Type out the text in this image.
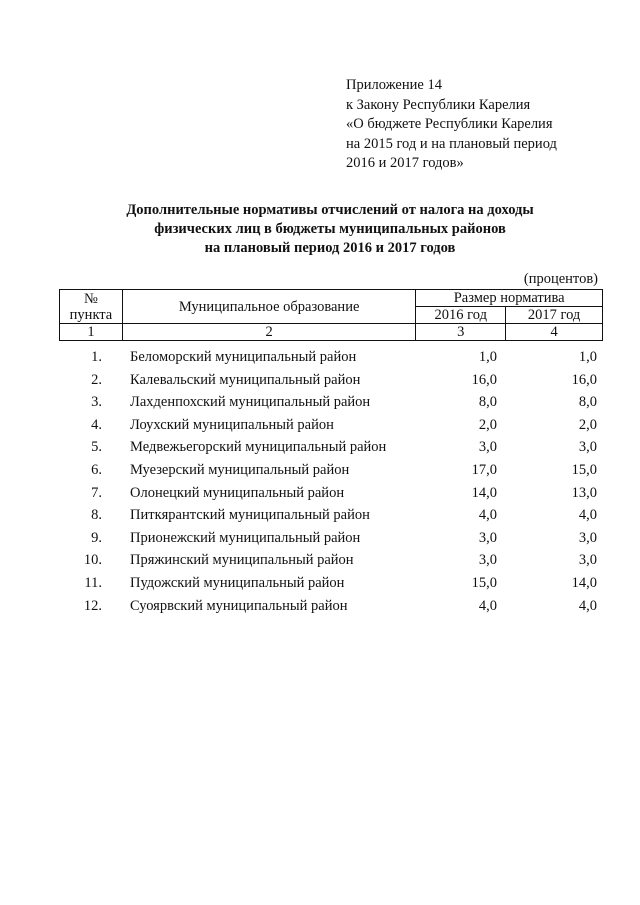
Приложение 14
к Закону Республики Карелия
«О бюджете Республики Карелия
на 2015 год и на плановый период
2016 и 2017 годов»
Дополнительные нормативы отчислений от налога на доходы
физических лиц в бюджеты муниципальных районов
на плановый период 2016 и 2017 годов
(процентов)
№
пункта	Муниципальное образование	Размер норматива	
		2016 год	2017 год
1	2	3	4
1. Беломорский муниципальный район	1,0	1,0
2. Калевальский муниципальный район	16,0	16,0
3. Лахденпохский муниципальный район	8,0	8,0
4. Лоухский муниципальный район	2,0	2,0
5. Медвежьегорский муниципальный район	3,0	3,0
6. Муезерский муниципальный район	17,0	15,0
7. Олонецкий муниципальный район	14,0	13,0
8. Питкярантский муниципальный район	4,0	4,0
9. Прионежский муниципальный район	3,0	3,0
10. Пряжинский муниципальный район	3,0	3,0
11. Пудожский муниципальный район	15,0	14,0
12. Суоярвский муниципальный район	4,0	4,0
